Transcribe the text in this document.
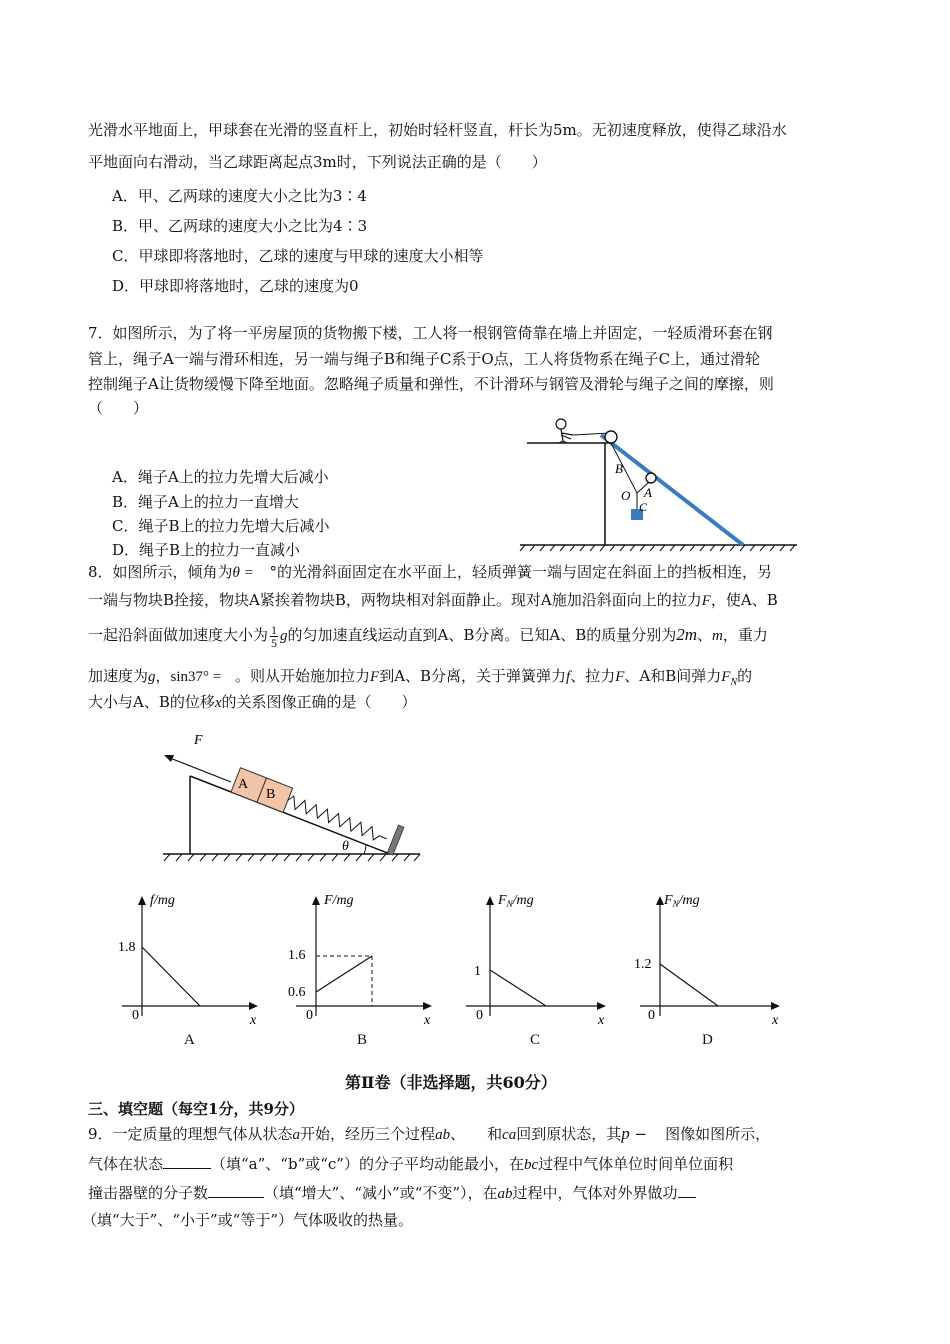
光滑水平地面上，甲球套在光滑的竖直杆上，初始时轻杆竖直，杆长为5m。无初速度释放，使得乙球沿水
平地面向右滑动，当乙球距离起点3m时，下列说法正确的是（　　）
A．甲、乙两球的速度大小之比为3∶4
B．甲、乙两球的速度大小之比为4∶3
C．甲球即将落地时，乙球的速度与甲球的速度大小相等
D．甲球即将落地时，乙球的速度为0
7．如图所示，为了将一平房屋顶的货物搬下楼，工人将一根钢管倚靠在墙上并固定，一轻质滑环套在钢
管上，绳子A一端与滑环相连，另一端与绳子B和绳子C系于O点，工人将货物系在绳子C上，通过滑轮
控制绳子A让货物缓慢下降至地面。忽略绳子质量和弹性，不计滑环与钢管及滑轮与绳子之间的摩擦，则
（　　）
A．绳子A上的拉力先增大后减小
B．绳子A上的拉力一直增大
C．绳子B上的拉力先增大后减小
D．绳子B上的拉力一直减小
B
O A
C
8．如图所示，倾角为θ = °的光滑斜面固定在水平面上，轻质弹簧一端与固定在斜面上的挡板相连，另
一端与物块B拴接，物块A紧挨着物块B，两物块相对斜面静止。现对A施加沿斜面向上的拉力F，使A、B
一起沿斜面做加速度大小为 $\frac{1}{5}$ g的匀加速直线运动直到A、B分离。已知A、B的质量分别为2m、m，重力
加速度为g，sin37° = 。则从开始施加拉力F到A、B分离，关于弹簧弹力f、拉力F、A和B间弹力$F_N$的
大小与A、B的位移x的关系图像正确的是（　　）
F
A
B
θ
f/mg
1.8
0	x
A
F/mg
1.6
0.6
0	x
B
$F_N/mg$
1
0	x
C
$F_N/mg$
1.2
0	x
D
第Ⅱ卷（非选择题，共60分）
三、填空题（每空1分，共9分）
9．一定质量的理想气体从状态a开始，经历三个过程ab、 和ca回到原状态，其p − 图像如图所示，
气体在状态	（填“a”、“b”或“c”）的分子平均动能最小，在bc过程中气体单位时间单位面积
撞击器壁的分子数	（填“增大”、“减小”或“不变”），在ab过程中，气体对外界做功
（填“大于”、“小于”或“等于”）气体吸收的热量。
